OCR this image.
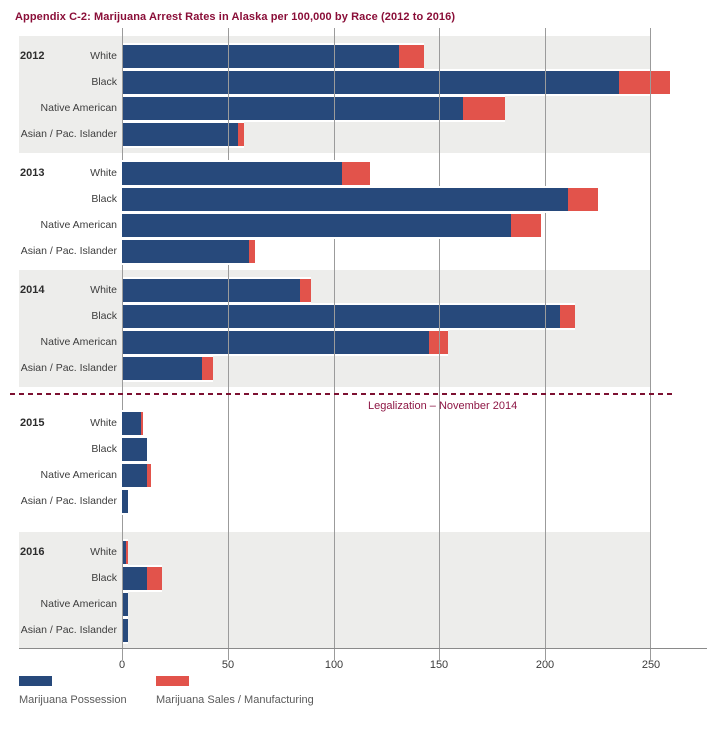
Appendix C-2: Marijuana Arrest Rates in Alaska per 100,000 by Race (2012 to 2016)
0	50	100	150	200	250
2012	White
Black
Native American
Asian / Pac. Islander
2013	White
Black
Native American
Asian / Pac. Islander
2014	White
Black
Native American
Asian / Pac. Islander
Legalization – November 2014
2015	White
Black
Native American
Asian / Pac. Islander
2016	White
Black
Native American
Asian / Pac. Islander
Marijuana Possession	Marijuana Sales / Manufacturing
